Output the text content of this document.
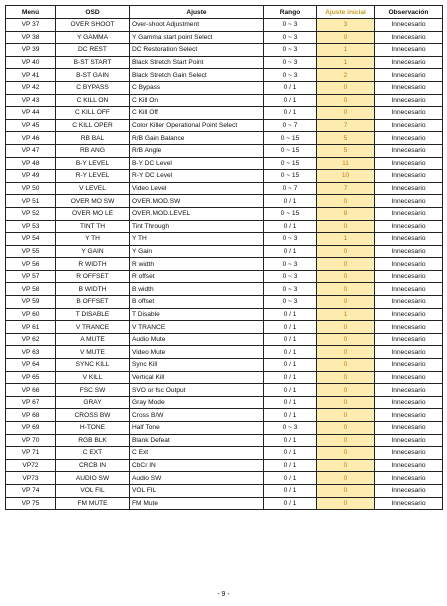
Menú	OSD	Ajuste	Rango	Ajuste inicial	Observación
VP 37	OVER SHOOT	Over-shoot Adjustment	0 ~ 3	3	Innecesario
VP 38	Y GAMMA	Y Gamma start point Select	0 ~ 3	0	Innecesario
VP 39	DC REST	DC Restoration Select	0 ~ 3	1	Innecesario
VP 40	B-ST START	Black Stretch Start Point	0 ~ 3	1	Innecesario
VP 41	B-ST GAIN	Black Stretch Gain Select	0 ~ 3	2	Innecesario
VP 42	C BYPASS	C Bypass	0 / 1	0	Innecesario
VP 43	C KILL ON	C Kill On	0 / 1	0	Innecesario
VP 44	C KILL OFF	C Kill Off	0 / 1	0	Innecesario
VP 45	C KILL OPER	Color Killer Operational Point Select	0 ~ 7	7	Innecesario
VP 46	RB BAL	R/B Gain Balance	0 ~ 15	5	Innecesario
VP 47	RB ANG	R/B Angle	0 ~ 15	5	Innecesario
VP 48	B-Y LEVEL	B-Y DC Level	0 ~ 15	11	Innecesario
VP 49	R-Y LEVEL	R-Y DC Level	0 ~ 15	10	Innecesario
VP 50	V LEVEL	Video Level	0 ~ 7	7	Innecesario
VP 51	OVER MO SW	OVER.MOD.SW	0 / 1	0	Innecesario
VP 52	OVER MO LE	OVER.MOD.LEVEL	0 ~ 15	8	Innecesario
VP 53	TINT TH	Tint Through	0 / 1	0	Innecesario
VP 54	Y TH	Y TH	0 ~ 3	1	Innecesario
VP 55	Y GAIN	Y Gain	0 / 1	0	Innecesario
VP 56	R WIDTH	R width	0 ~ 3	0	Innecesario
VP 57	R OFFSET	R offset	0 ~ 3	0	Innecesario
VP 58	B WIDTH	B width	0 ~ 3	0	Innecesario
VP 59	B OFFSET	B offset	0 ~ 3	0	Innecesario
VP 60	T DISABLE	T Disable	0 / 1	1	Innecesario
VP 61	V TRANCE	V TRANCE	0 / 1	0	Innecesario
VP 62	A MUTE	Audio Mute	0 / 1	0	Innecesario
VP 63	V MUTE	Video Mute	0 / 1	0	Innecesario
VP 64	SYNC KILL	Sync Kill	0 / 1	0	Innecesario
VP 65	V KILL	Vertical Kill	0 / 1	0	Innecesario
VP 66	FSC SW	SVO or fsc Output	0 / 1	0	Innecesario
VP 67	GRAY	Gray Mode	0 / 1	0	Innecesario
VP 68	CROSS BW	Cross B/W	0 / 1	0	Innecesario
VP 69	H-TONE	Half Tone	0 ~ 3	0	Innecesario
VP 70	RGB BLK	Blank Defeat	0 / 1	0	Innecesario
VP 71	C EXT	C Ext	0 / 1	0	Innecesario
VP72	CRCB IN	CbCr IN	0 / 1	0	Innecesario
VP73	AUDIO SW	Audio SW	0 / 1	0	Innecesario
VP 74	VOL FIL	VOL FIL	0 / 1	0	Innecesario
VP 75	FM MUTE	FM Mute	0 / 1	0	Innecesario
- 9 -
